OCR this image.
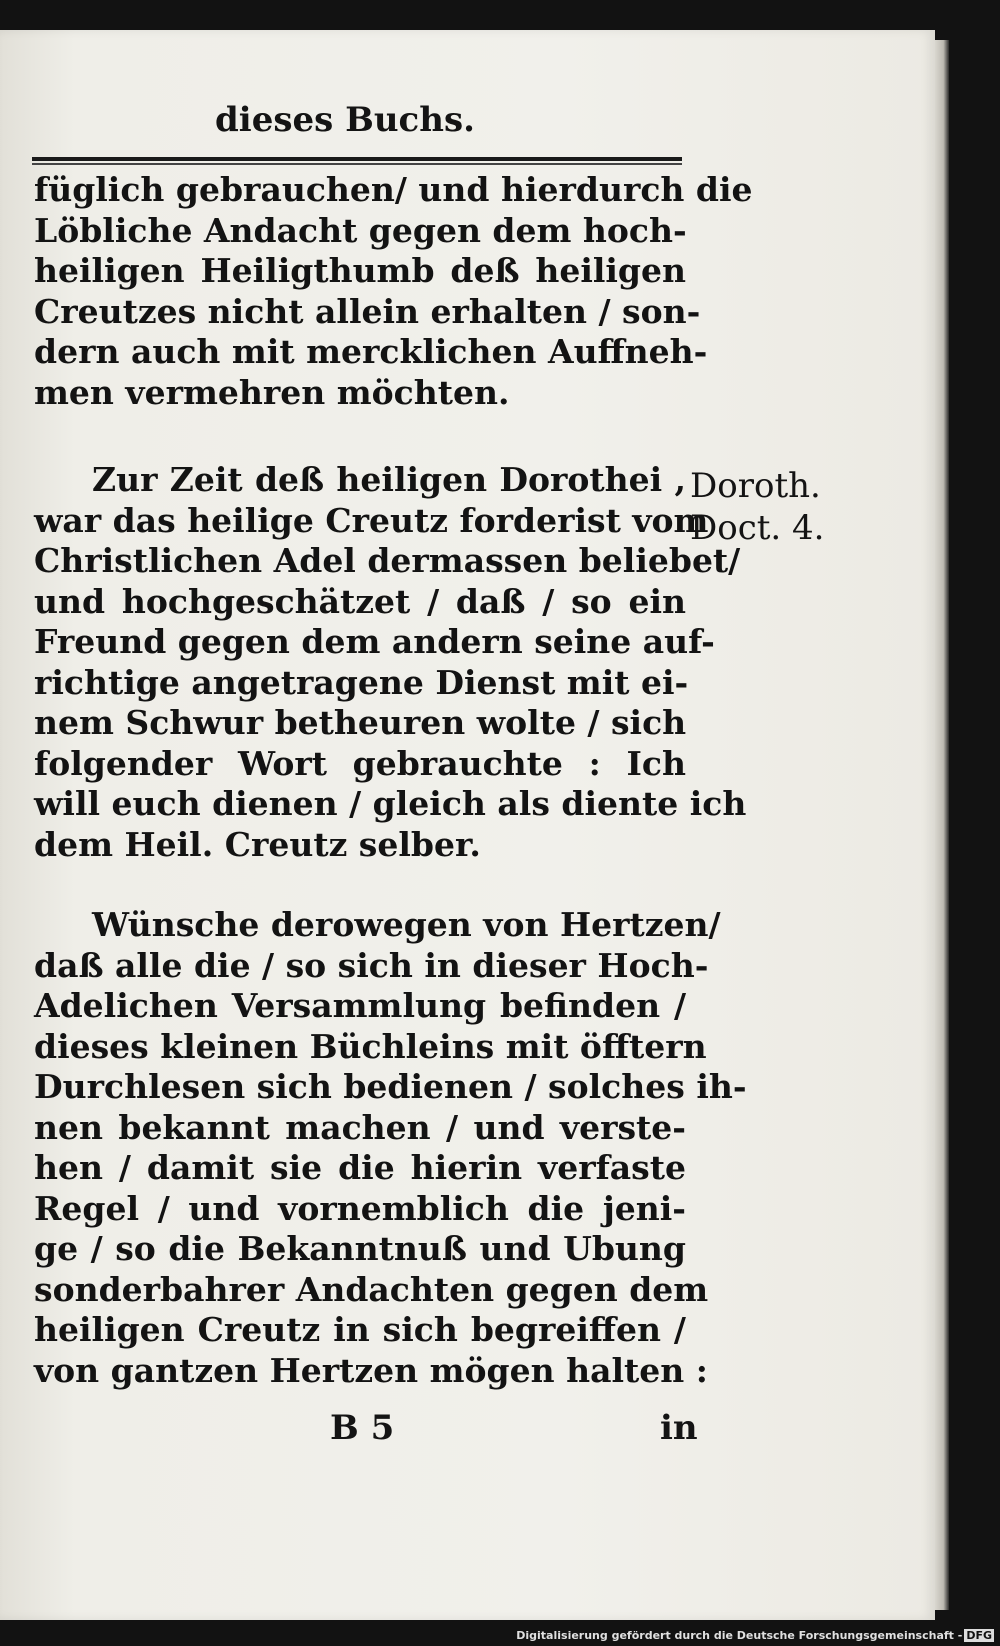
dieses Buchs.
füglich gebrauchen/ und hierdurch die
Löbliche Andacht gegen dem hoch-
heiligen Heiligthumb deß heiligen
Creutzes nicht allein erhalten / son-
dern auch mit mercklichen Auffneh-
men vermehren möchten.
Zur Zeit deß heiligen Dorothei ,
war das heilige Creutz forderist vom
Christlichen Adel dermassen beliebet/
und hochgeschätzet / daß / so ein
Freund gegen dem andern seine auf-
richtige angetragene Dienst mit ei-
nem Schwur betheuren wolte / sich
folgender Wort gebrauchte : Ich
will euch dienen / gleich als diente ich
dem Heil. Creutz selber.
Doroth.
Doct. 4.
Wünsche derowegen von Hertzen/
daß alle die / so sich in dieser Hoch-
Adelichen Versammlung befinden /
dieses kleinen Büchleins mit öfftern
Durchlesen sich bedienen / solches ih-
nen bekannt machen / und verste-
hen / damit sie die hierin verfaste
Regel / und vornemblich die jeni-
ge / so die Bekanntnuß und Ubung
sonderbahrer Andachten gegen dem
heiligen Creutz in sich begreiffen /
von gantzen Hertzen mögen halten :
B 5	in
Digitalisierung gefördert durch die Deutsche Forschungsgemeinschaft - DFG
